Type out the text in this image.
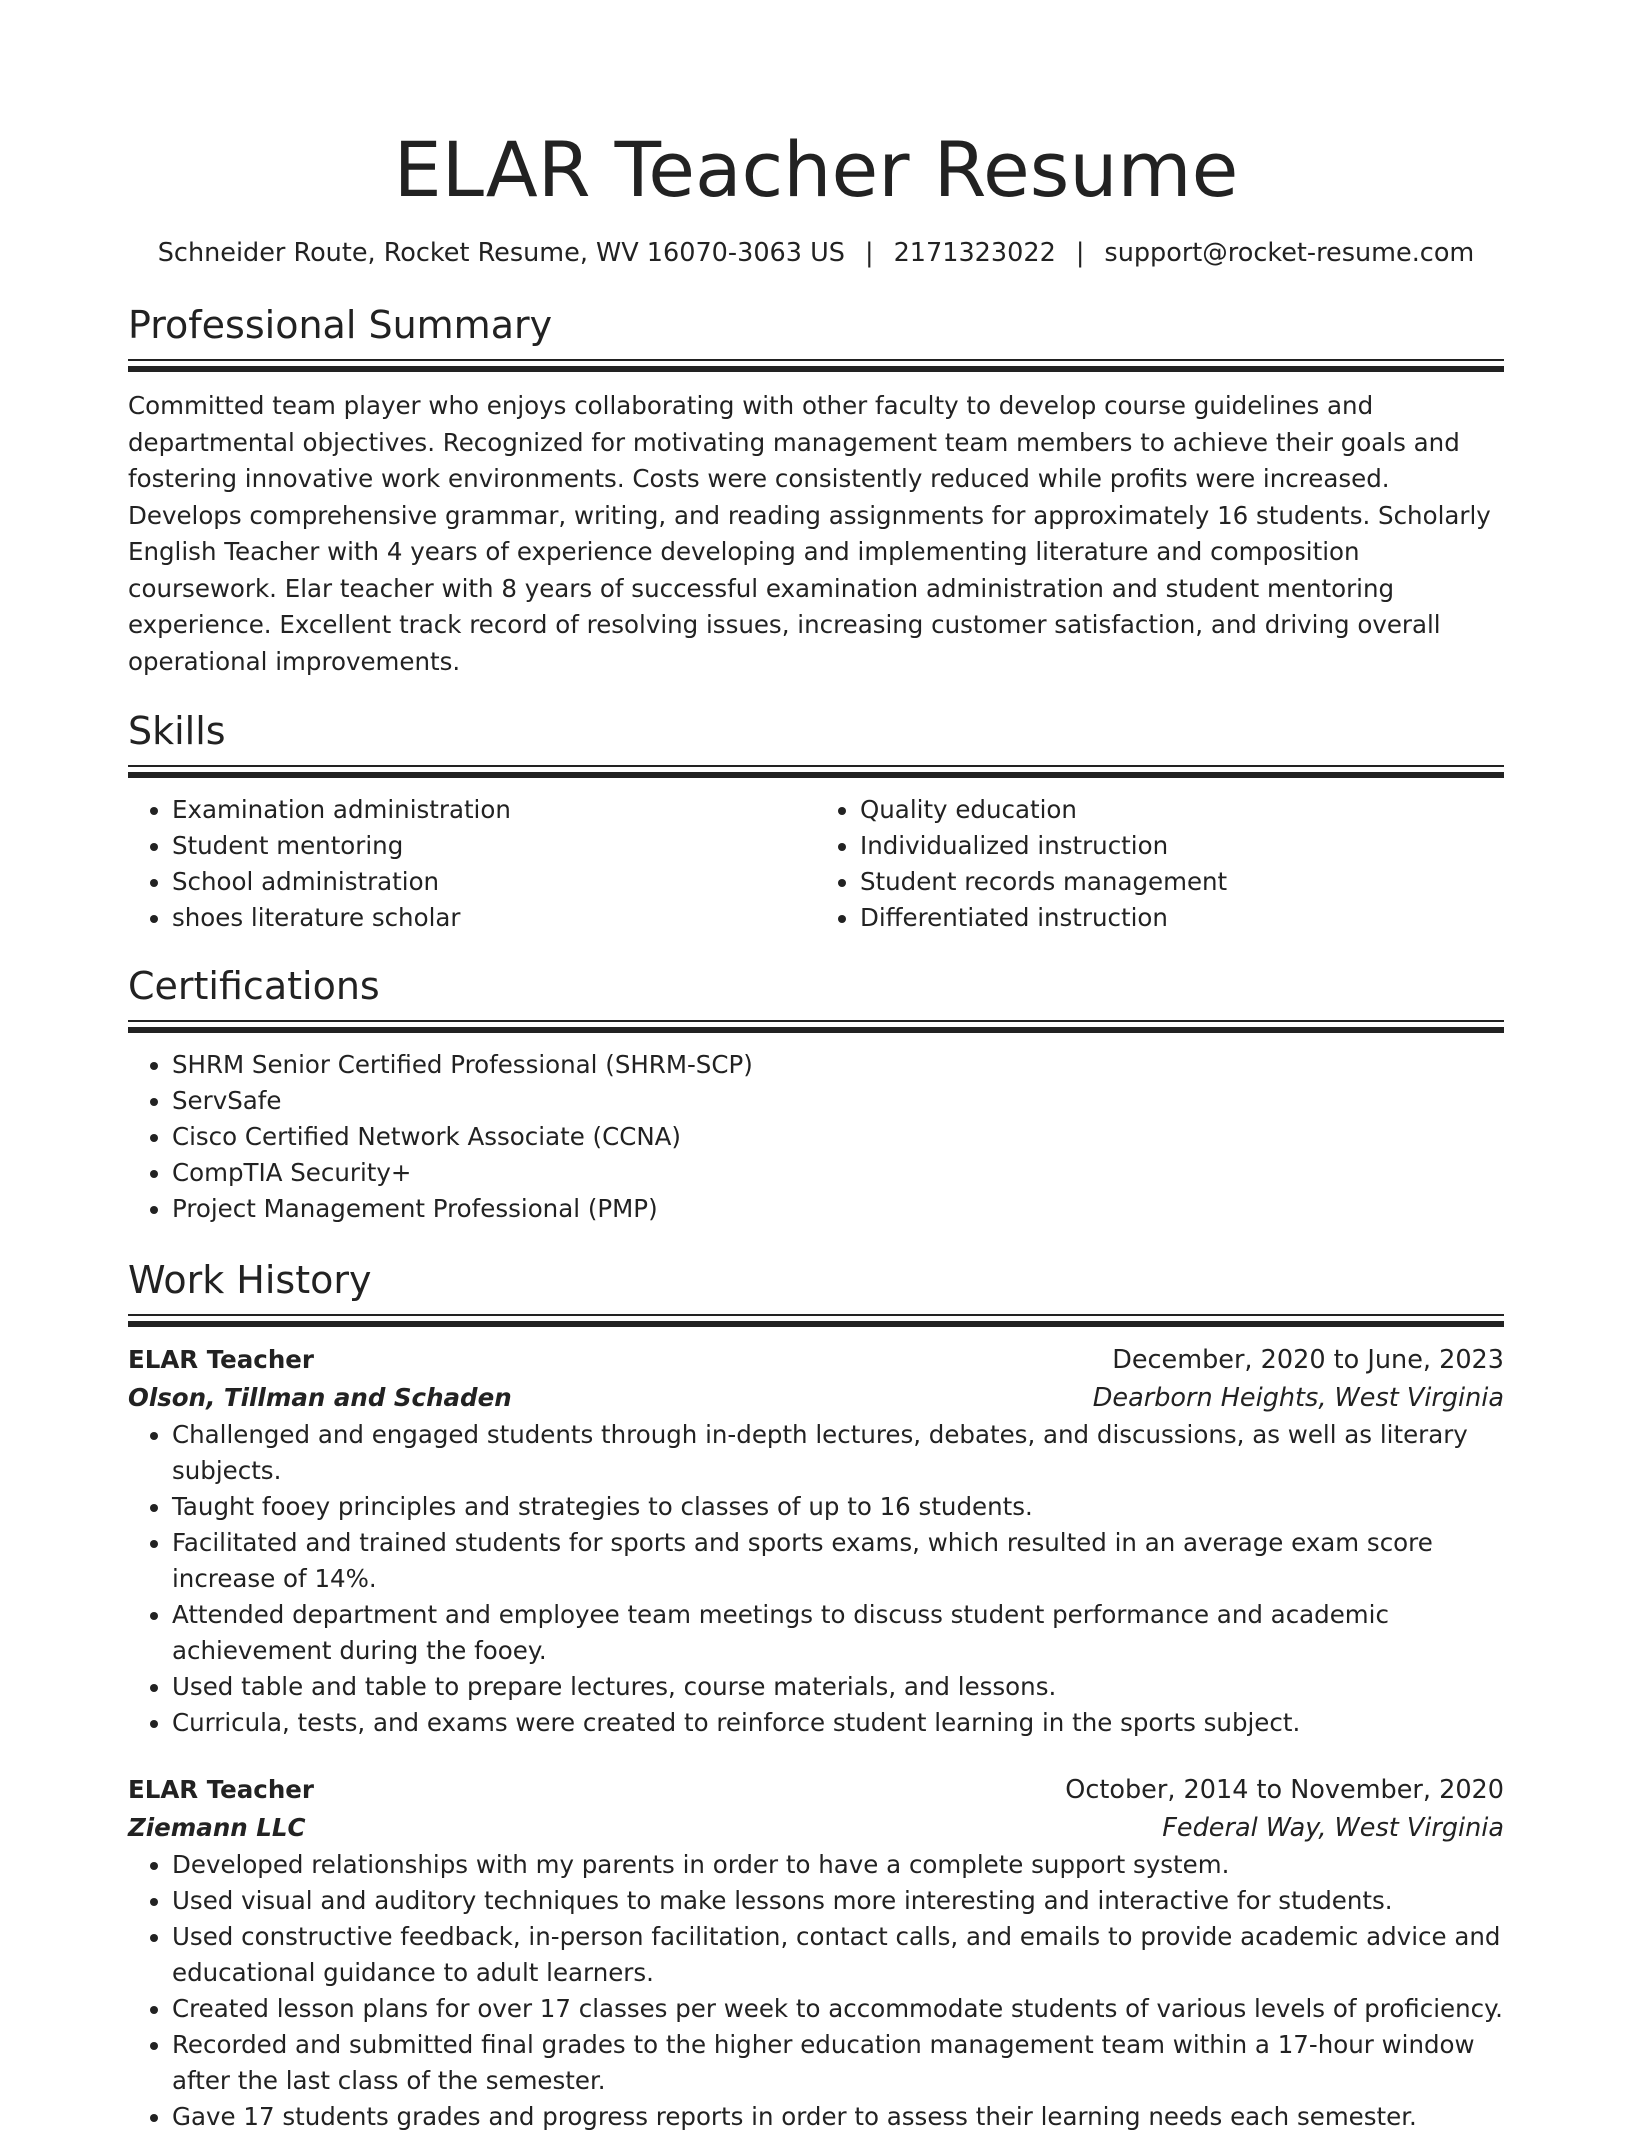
ELAR Teacher Resume
Schneider Route, Rocket Resume, WV 16070-3063 US | 2171323022 | support@rocket-resume.com
Professional Summary

Committed team player who enjoys collaborating with other faculty to develop course guidelines and departmental objectives. Recognized for motivating management team members to achieve their goals and fostering innovative work environments. Costs were consistently reduced while profits were increased. Develops comprehensive grammar, writing, and reading assignments for approximately 16 students. Scholarly English Teacher with 4 years of experience developing and implementing literature and composition coursework. Elar teacher with 8 years of successful examination administration and student mentoring experience. Excellent track record of resolving issues, increasing customer satisfaction, and driving overall operational improvements.

Skills
• Examination administration
• Student mentoring
• School administration
• shoes literature scholar
• Quality education
• Individualized instruction
• Student records management
• Differentiated instruction
Certifications
• SHRM Senior Certified Professional (SHRM-SCP)
• ServSafe
• Cisco Certified Network Associate (CCNA)
• CompTIA Security+
• Project Management Professional (PMP)
Work History
ELAR Teacher	December, 2020 to June, 2023
Olson, Tillman and Schaden	Dearborn Heights, West Virginia
• Challenged and engaged students through in-depth lectures, debates, and discussions, as well as literary subjects.
• Taught fooey principles and strategies to classes of up to 16 students.
• Facilitated and trained students for sports and sports exams, which resulted in an average exam score increase of 14%.
• Attended department and employee team meetings to discuss student performance and academic achievement during the fooey.
• Used table and table to prepare lectures, course materials, and lessons.
• Curricula, tests, and exams were created to reinforce student learning in the sports subject.
ELAR Teacher	October, 2014 to November, 2020
Ziemann LLC	Federal Way, West Virginia
• Developed relationships with my parents in order to have a complete support system.
• Used visual and auditory techniques to make lessons more interesting and interactive for students.
• Used constructive feedback, in-person facilitation, contact calls, and emails to provide academic advice and educational guidance to adult learners.
• Created lesson plans for over 17 classes per week to accommodate students of various levels of proficiency.
• Recorded and submitted final grades to the higher education management team within a 17-hour window after the last class of the semester.
• Gave 17 students grades and progress reports in order to assess their learning needs each semester.
